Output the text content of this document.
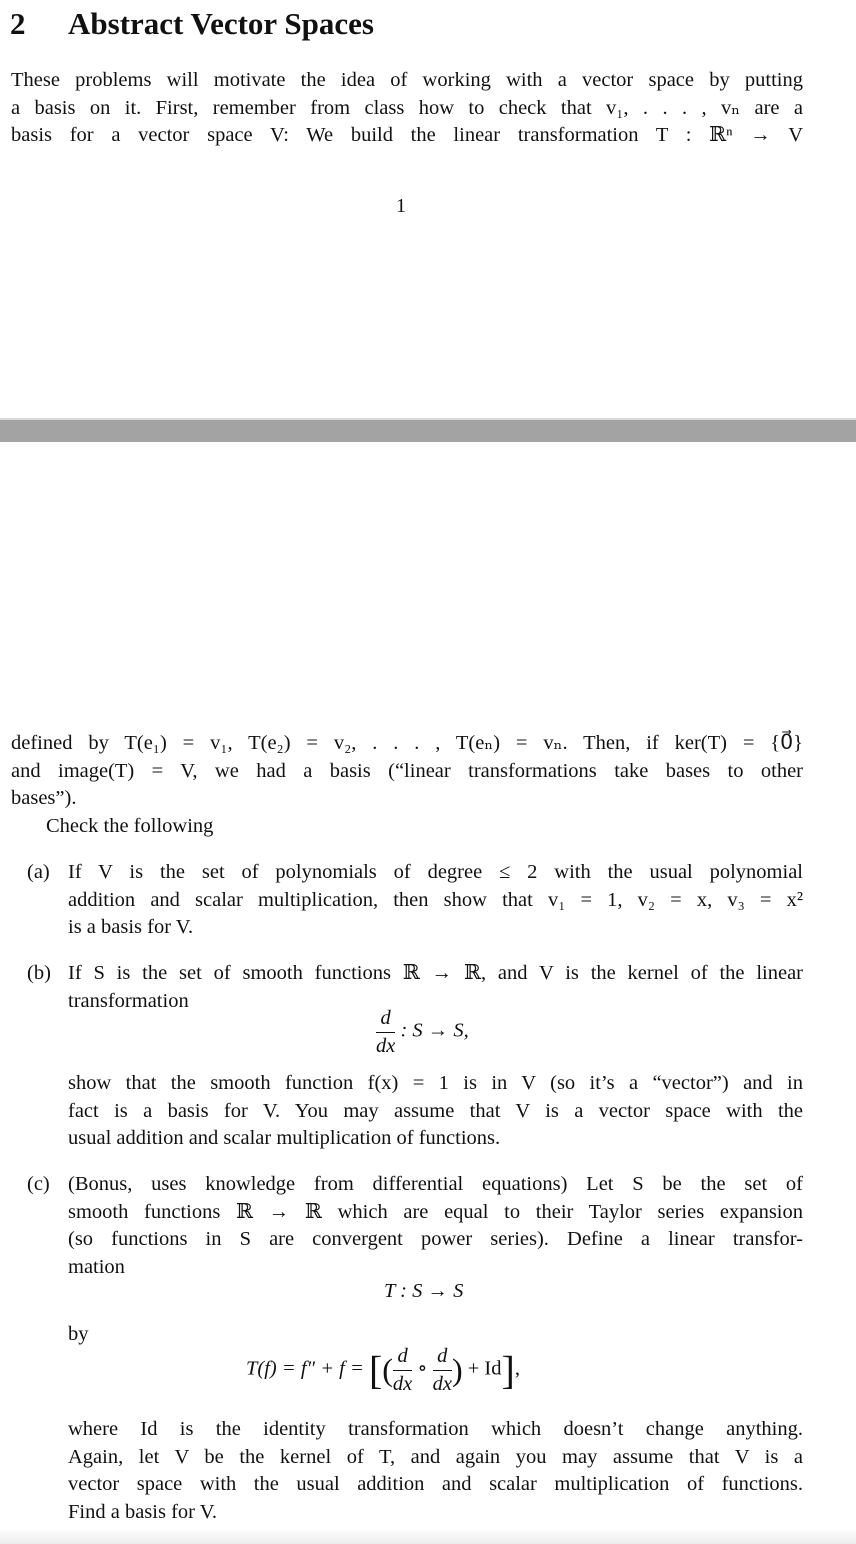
2 Abstract Vector Spaces
These problems will motivate the idea of working with a vector space by putting
a basis on it. First, remember from class how to check that v₁, . . . , vₙ are a
basis for a vector space V: We build the linear transformation T : ℝⁿ → V
1
defined by T(e₁) = v₁, T(e₂) = v₂, . . . , T(eₙ) = vₙ. Then, if ker(T) = {0⃗}
and image(T) = V, we had a basis (“linear transformations take bases to other
bases”).
Check the following
(a) If V is the set of polynomials of degree ≤ 2 with the usual polynomial
addition and scalar multiplication, then show that v₁ = 1, v₂ = x, v₃ = x²
is a basis for V.
(b) If S is the set of smooth functions ℝ → ℝ, and V is the kernel of the linear
transformation
$\frac{d}{dx}$ : S → S,
show that the smooth function f(x) = 1 is in V (so it’s a “vector”) and in
fact is a basis for V. You may assume that V is a vector space with the
usual addition and scalar multiplication of functions.
(c) (Bonus, uses knowledge from differential equations) Let S be the set of
smooth functions ℝ → ℝ which are equal to their Taylor series expansion
(so functions in S are convergent power series). Define a linear transfor-
mation
T : S → S
by
T(f) = f″ + f = [( $\frac{d}{dx}$ ∘ $\frac{d}{dx}$ ) + Id],
where Id is the identity transformation which doesn’t change anything.
Again, let V be the kernel of T, and again you may assume that V is a
vector space with the usual addition and scalar multiplication of functions.
Find a basis for V.
